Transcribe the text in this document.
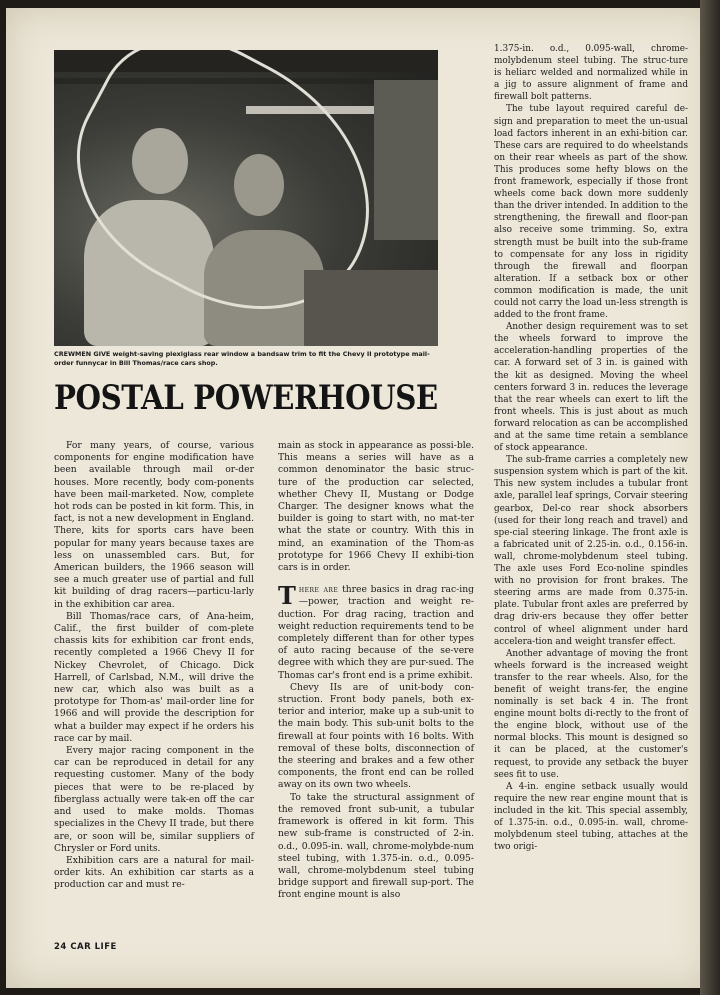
CREWMEN GIVE weight-saving plexiglass rear window a bandsaw trim to fit the Chevy II prototype mail-order funnycar in Bill Thomas/race cars shop.
POSTAL POWERHOUSE

For many years, of course, various components for engine modification have been available through mail or-der houses. More recently, body com-ponents have been mail-marketed. Now, complete hot rods can be posted in kit form. This, in fact, is not a new development in England. There, kits for sports cars have been popular for many years because taxes are less on unassembled cars. But, for American builders, the 1966 season will see a much greater use of partial and full kit building of drag racers—particu-larly in the exhibition car area.

Bill Thomas/race cars, of Ana-heim, Calif., the first builder of com-plete chassis kits for exhibition car front ends, recently completed a 1966 Chevy II for Nickey Chevrolet, of Chicago. Dick Harrell, of Carlsbad, N.M., will drive the new car, which also was built as a prototype for Thom-as' mail-order line for 1966 and will provide the description for what a builder may expect if he orders his race car by mail.

Every major racing component in the car can be reproduced in detail for any requesting customer. Many of the body pieces that were to be re-placed by fiberglass actually were tak-en off the car and used to make molds. Thomas specializes in the Chevy II trade, but there are, or soon will be, similar suppliers of Chrysler or Ford units.

Exhibition cars are a natural for mail-order kits. An exhibition car starts as a production car and must re-

main as stock in appearance as possi-ble. This means a series will have as a common denominator the basic struc-ture of the production car selected, whether Chevy II, Mustang or Dodge Charger. The designer knows what the builder is going to start with, no mat-ter what the state or country. With this in mind, an examination of the Thom-as prototype for 1966 Chevy II exhibi-tion cars is in order.

There are three basics in drag rac-ing—power, traction and weight re-duction. For drag racing, traction and weight reduction requirements tend to be completely different than for other types of auto racing because of the se-vere degree with which they are pur-sued. The Thomas car's front end is a prime exhibit.

Chevy IIs are of unit-body con-struction. Front body panels, both ex-terior and interior, make up a sub-unit to the main body. This sub-unit bolts to the firewall at four points with 16 bolts. With removal of these bolts, disconnection of the steering and brakes and a few other components, the front end can be rolled away on its own two wheels.

To take the structural assignment of the removed front sub-unit, a tubular framework is offered in kit form. This new sub-frame is constructed of 2-in. o.d., 0.095-in. wall, chrome-molybde-num steel tubing, with 1.375-in. o.d., 0.095-wall, chrome-molybdenum steel tubing bridge support and firewall sup-port. The front engine mount is also

1.375-in. o.d., 0.095-wall, chrome-molybdenum steel tubing. The struc-ture is heliarc welded and normalized while in a jig to assure alignment of frame and firewall bolt patterns.

The tube layout required careful de-sign and preparation to meet the un-usual load factors inherent in an exhi-bition car. These cars are required to do wheelstands on their rear wheels as part of the show. This produces some hefty blows on the front framework, especially if those front wheels come back down more suddenly than the driver intended. In addition to the strengthening, the firewall and floor-pan also receive some trimming. So, extra strength must be built into the sub-frame to compensate for any loss in rigidity through the firewall and floorpan alteration. If a setback box or other common modification is made, the unit could not carry the load un-less strength is added to the front frame.

Another design requirement was to set the wheels forward to improve the acceleration-handling properties of the car. A forward set of 3 in. is gained with the kit as designed. Moving the wheel centers forward 3 in. reduces the leverage that the rear wheels can exert to lift the front wheels. This is just about as much forward relocation as can be accomplished and at the same time retain a semblance of stock appearance.

The sub-frame carries a completely new suspension system which is part of the kit. This new system includes a tubular front axle, parallel leaf springs, Corvair steering gearbox, Del-co rear shock absorbers (used for their long reach and travel) and spe-cial steering linkage. The front axle is a fabricated unit of 2.25-in. o.d., 0.156-in. wall, chrome-molybdenum steel tubing. The axle uses Ford Eco-noline spindles with no provision for front brakes. The steering arms are made from 0.375-in. plate. Tubular front axles are preferred by drag driv-ers because they offer better control of wheel alignment under hard accelera-tion and weight transfer effect.

Another advantage of moving the front wheels forward is the increased weight transfer to the rear wheels. Also, for the benefit of weight trans-fer, the engine nominally is set back 4 in. The front engine mount bolts di-rectly to the front of the engine block, without use of the normal blocks. This mount is designed so it can be placed, at the customer's request, to provide any setback the buyer sees fit to use.

A 4-in. engine setback usually would require the new rear engine mount that is included in the kit. This special assembly, of 1.375-in. o.d., 0.095-in. wall, chrome-molybdenum steel tubing, attaches at the two origi-

24 CAR LIFE
